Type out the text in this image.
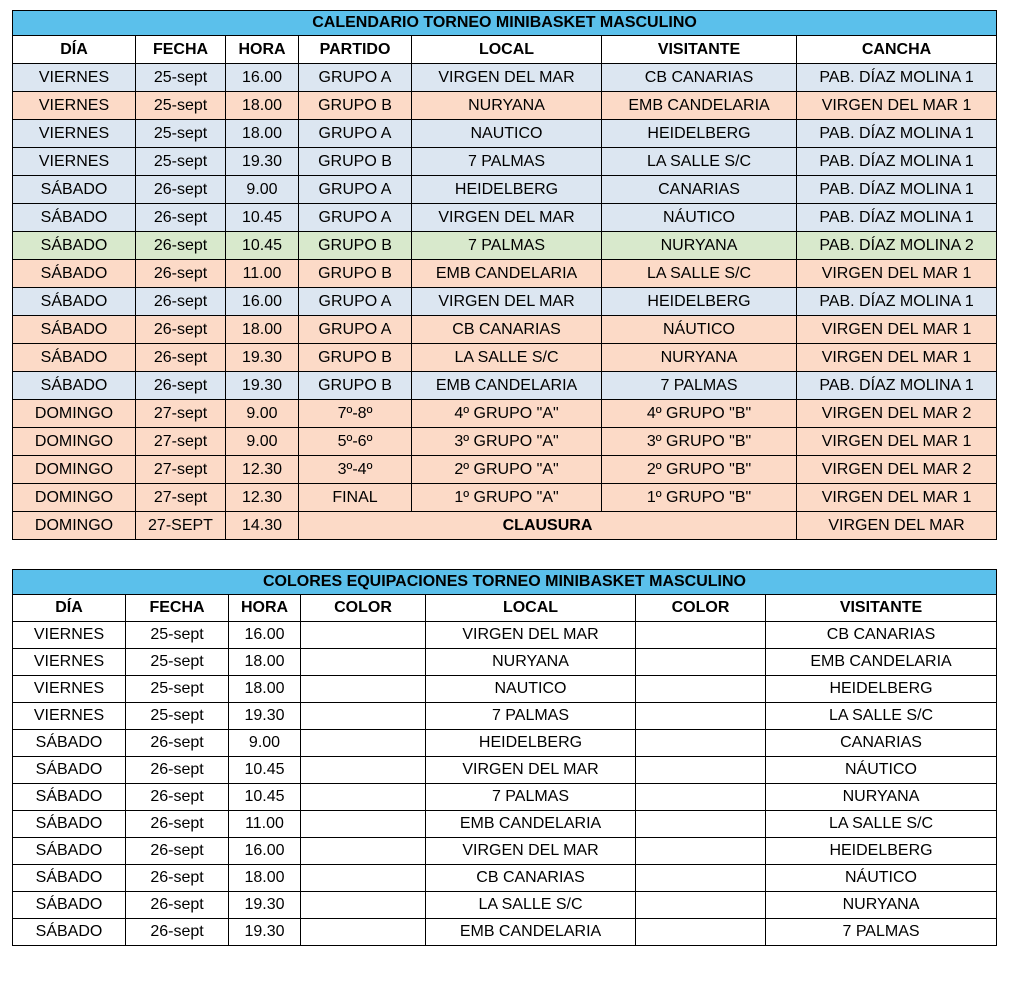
CALENDARIO TORNEO MINIBASKET MASCULINO						
DÍA	FECHA	HORA	PARTIDO	LOCAL	VISITANTE	CANCHA
VIERNES	25-sept	16.00	GRUPO A	VIRGEN DEL MAR	CB CANARIAS	PAB. DÍAZ MOLINA 1
VIERNES	25-sept	18.00	GRUPO B	NURYANA	EMB CANDELARIA	VIRGEN DEL MAR 1
VIERNES	25-sept	18.00	GRUPO A	NAUTICO	HEIDELBERG	PAB. DÍAZ MOLINA 1
VIERNES	25-sept	19.30	GRUPO B	7 PALMAS	LA SALLE S/C	PAB. DÍAZ MOLINA 1
SÁBADO	26-sept	9.00	GRUPO A	HEIDELBERG	CANARIAS	PAB. DÍAZ MOLINA 1
SÁBADO	26-sept	10.45	GRUPO A	VIRGEN DEL MAR	NÁUTICO	PAB. DÍAZ MOLINA 1
SÁBADO	26-sept	10.45	GRUPO B	7 PALMAS	NURYANA	PAB. DÍAZ MOLINA 2
SÁBADO	26-sept	11.00	GRUPO B	EMB CANDELARIA	LA SALLE S/C	VIRGEN DEL MAR 1
SÁBADO	26-sept	16.00	GRUPO A	VIRGEN DEL MAR	HEIDELBERG	PAB. DÍAZ MOLINA 1
SÁBADO	26-sept	18.00	GRUPO A	CB CANARIAS	NÁUTICO	VIRGEN DEL MAR 1
SÁBADO	26-sept	19.30	GRUPO B	LA SALLE S/C	NURYANA	VIRGEN DEL MAR 1
SÁBADO	26-sept	19.30	GRUPO B	EMB CANDELARIA	7 PALMAS	PAB. DÍAZ MOLINA 1
DOMINGO	27-sept	9.00	7º-8º	4º GRUPO "A"	4º GRUPO "B"	VIRGEN DEL MAR 2
DOMINGO	27-sept	9.00	5º-6º	3º GRUPO "A"	3º GRUPO "B"	VIRGEN DEL MAR 1
DOMINGO	27-sept	12.30	3º-4º	2º GRUPO "A"	2º GRUPO "B"	VIRGEN DEL MAR 2
DOMINGO	27-sept	12.30	FINAL	1º GRUPO "A"	1º GRUPO "B"	VIRGEN DEL MAR 1
DOMINGO	27-SEPT	14.30	CLAUSURA			VIRGEN DEL MAR
COLORES EQUIPACIONES TORNEO MINIBASKET MASCULINO						
DÍA	FECHA	HORA	COLOR	LOCAL	COLOR	VISITANTE
VIERNES	25-sept	16.00		VIRGEN DEL MAR		CB CANARIAS
VIERNES	25-sept	18.00		NURYANA		EMB CANDELARIA
VIERNES	25-sept	18.00		NAUTICO		HEIDELBERG
VIERNES	25-sept	19.30		7 PALMAS		LA SALLE S/C
SÁBADO	26-sept	9.00		HEIDELBERG		CANARIAS
SÁBADO	26-sept	10.45		VIRGEN DEL MAR		NÁUTICO
SÁBADO	26-sept	10.45		7 PALMAS		NURYANA
SÁBADO	26-sept	11.00		EMB CANDELARIA		LA SALLE S/C
SÁBADO	26-sept	16.00		VIRGEN DEL MAR		HEIDELBERG
SÁBADO	26-sept	18.00		CB CANARIAS		NÁUTICO
SÁBADO	26-sept	19.30		LA SALLE S/C		NURYANA
SÁBADO	26-sept	19.30		EMB CANDELARIA		7 PALMAS
